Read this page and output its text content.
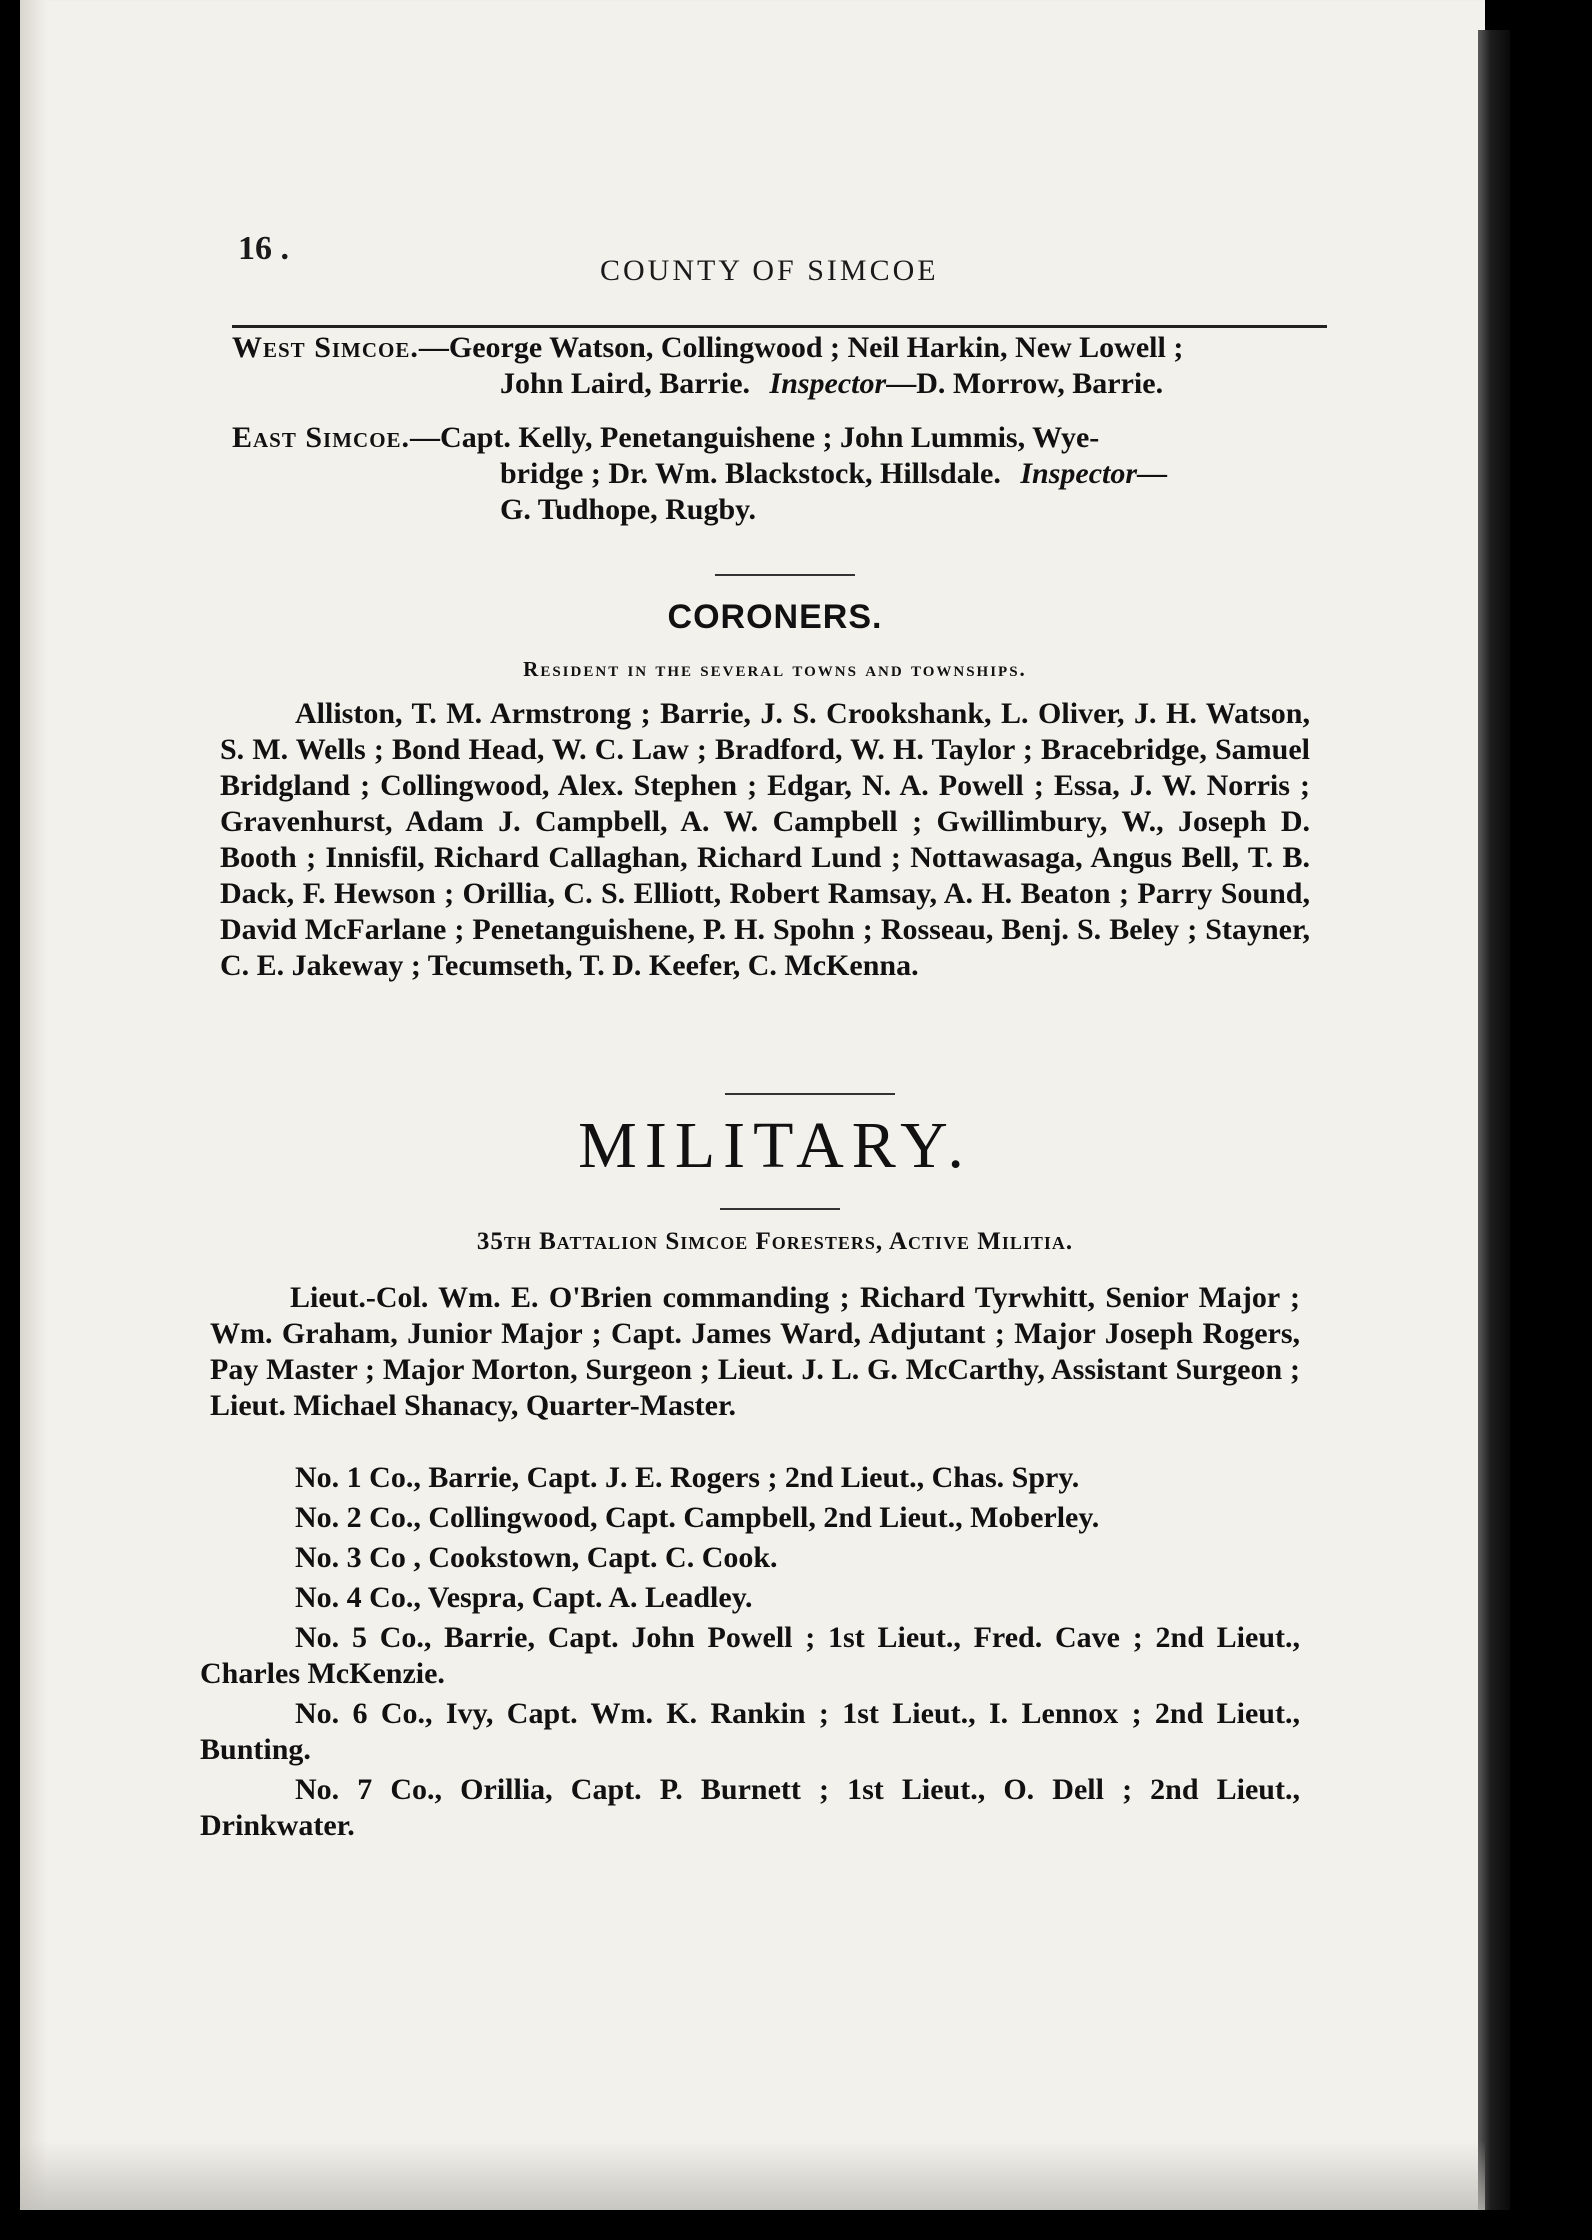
16 .
COUNTY OF SIMCOE
West Simcoe.—George Watson, Collingwood ; Neil Harkin, New Lowell ;
John Laird, Barrie. Inspector—D. Morrow, Barrie.
East Simcoe.—Capt. Kelly, Penetanguishene ; John Lummis, Wye-
bridge ; Dr. Wm. Blackstock, Hillsdale. Inspector—
G. Tudhope, Rugby.
CORONERS.
Resident in the several towns and townships.
Alliston, T. M. Armstrong ; Barrie, J. S. Crookshank, L. Oliver, J. H. Watson, S. M. Wells ; Bond Head, W. C. Law ; Bradford, W. H. Taylor ; Bracebridge, Samuel Bridgland ; Collingwood, Alex. Stephen ; Edgar, N. A. Powell ; Essa, J. W. Norris ; Gravenhurst, Adam J. Campbell, A. W. Campbell ; Gwillimbury, W., Joseph D. Booth ; Innisfil, Richard Callaghan, Richard Lund ; Nottawasaga, Angus Bell, T. B. Dack, F. Hewson ; Orillia, C. S. Elliott, Robert Ramsay, A. H. Beaton ; Parry Sound, David McFarlane ; Penetanguishene, P. H. Spohn ; Rosseau, Benj. S. Beley ; Stayner, C. E. Jakeway ; Tecumseth, T. D. Keefer, C. McKenna.
MILITARY.
35th Battalion Simcoe Foresters, Active Militia.
Lieut.-Col. Wm. E. O'Brien commanding ; Richard Tyrwhitt, Senior Major ; Wm. Graham, Junior Major ; Capt. James Ward, Adjutant ; Major Joseph Rogers, Pay Master ; Major Morton, Surgeon ; Lieut. J. L. G. McCarthy, Assistant Surgeon ; Lieut. Michael Shanacy, Quarter-Master.
No. 1 Co., Barrie, Capt. J. E. Rogers ; 2nd Lieut., Chas. Spry.
No. 2 Co., Collingwood, Capt. Campbell, 2nd Lieut., Moberley.
No. 3 Co , Cookstown, Capt. C. Cook.
No. 4 Co., Vespra, Capt. A. Leadley.
No. 5 Co., Barrie, Capt. John Powell ; 1st Lieut., Fred. Cave ; 2nd Lieut., Charles McKenzie.
No. 6 Co., Ivy, Capt. Wm. K. Rankin ; 1st Lieut., I. Lennox ; 2nd Lieut., Bunting.
No. 7 Co., Orillia, Capt. P. Burnett ; 1st Lieut., O. Dell ; 2nd Lieut., Drinkwater.
